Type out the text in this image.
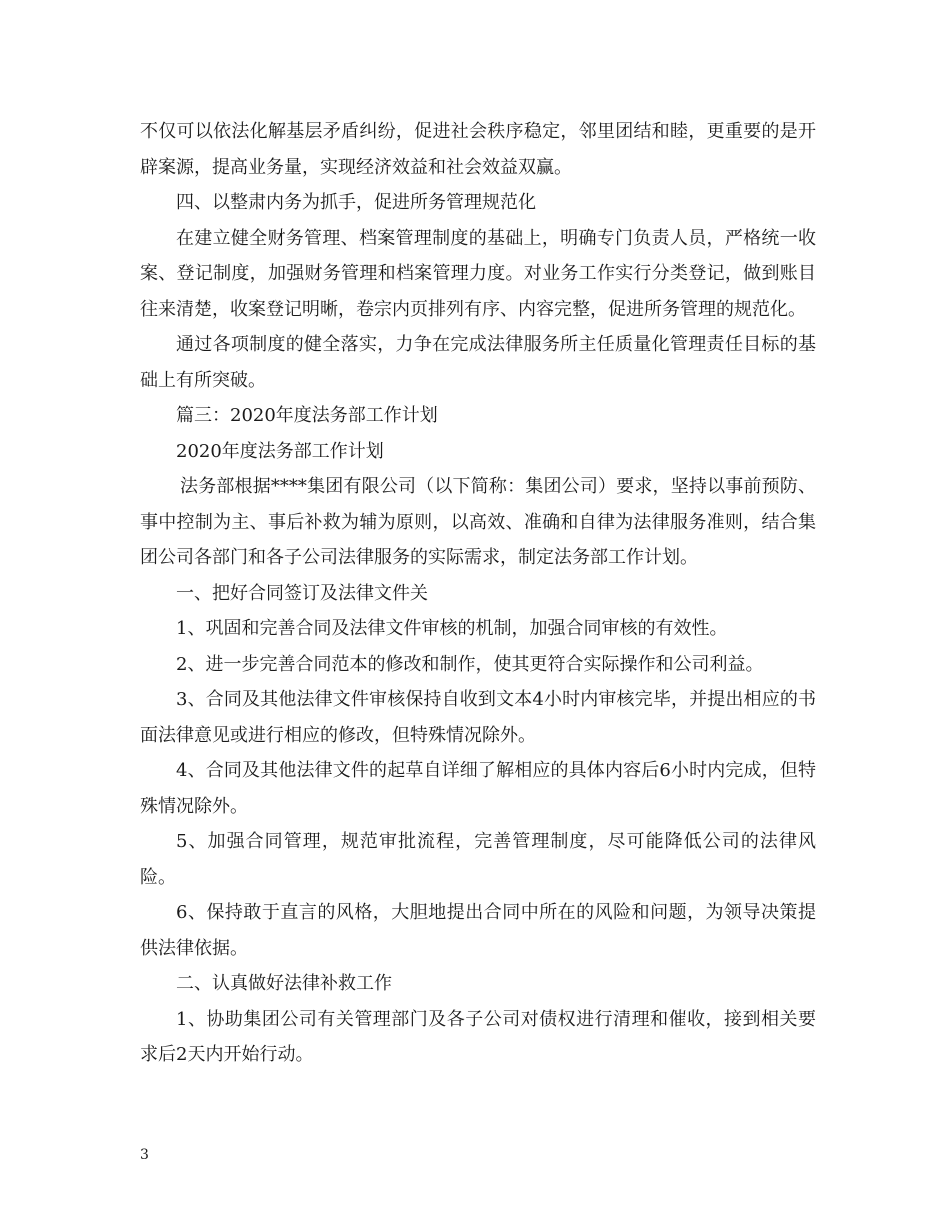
不仅可以依法化解基层矛盾纠纷，促进社会秩序稳定，邻里团结和睦，更重要的是开辟案源，提高业务量，实现经济效益和社会效益双赢。

四、以整肃内务为抓手，促进所务管理规范化

在建立健全财务管理、档案管理制度的基础上，明确专门负责人员，严格统一收案、登记制度，加强财务管理和档案管理力度。对业务工作实行分类登记，做到账目往来清楚，收案登记明晰，卷宗内页排列有序、内容完整，促进所务管理的规范化。

通过各项制度的健全落实，力争在完成法律服务所主任质量化管理责任目标的基础上有所突破。

篇三：2020年度法务部工作计划

2020年度法务部工作计划

法务部根据****集团有限公司（以下简称：集团公司）要求，坚持以事前预防、事中控制为主、事后补救为辅为原则，以高效、准确和自律为法律服务准则，结合集团公司各部门和各子公司法律服务的实际需求，制定法务部工作计划。

一、把好合同签订及法律文件关

1、巩固和完善合同及法律文件审核的机制，加强合同审核的有效性。

2、进一步完善合同范本的修改和制作，使其更符合实际操作和公司利益。

3、合同及其他法律文件审核保持自收到文本4小时内审核完毕，并提出相应的书面法律意见或进行相应的修改，但特殊情况除外。

4、合同及其他法律文件的起草自详细了解相应的具体内容后6小时内完成，但特殊情况除外。

5、加强合同管理，规范审批流程，完善管理制度，尽可能降低公司的法律风险。

6、保持敢于直言的风格，大胆地提出合同中所在的风险和问题，为领导决策提供法律依据。

二、认真做好法律补救工作

1、协助集团公司有关管理部门及各子公司对债权进行清理和催收，接到相关要求后2天内开始行动。

3
